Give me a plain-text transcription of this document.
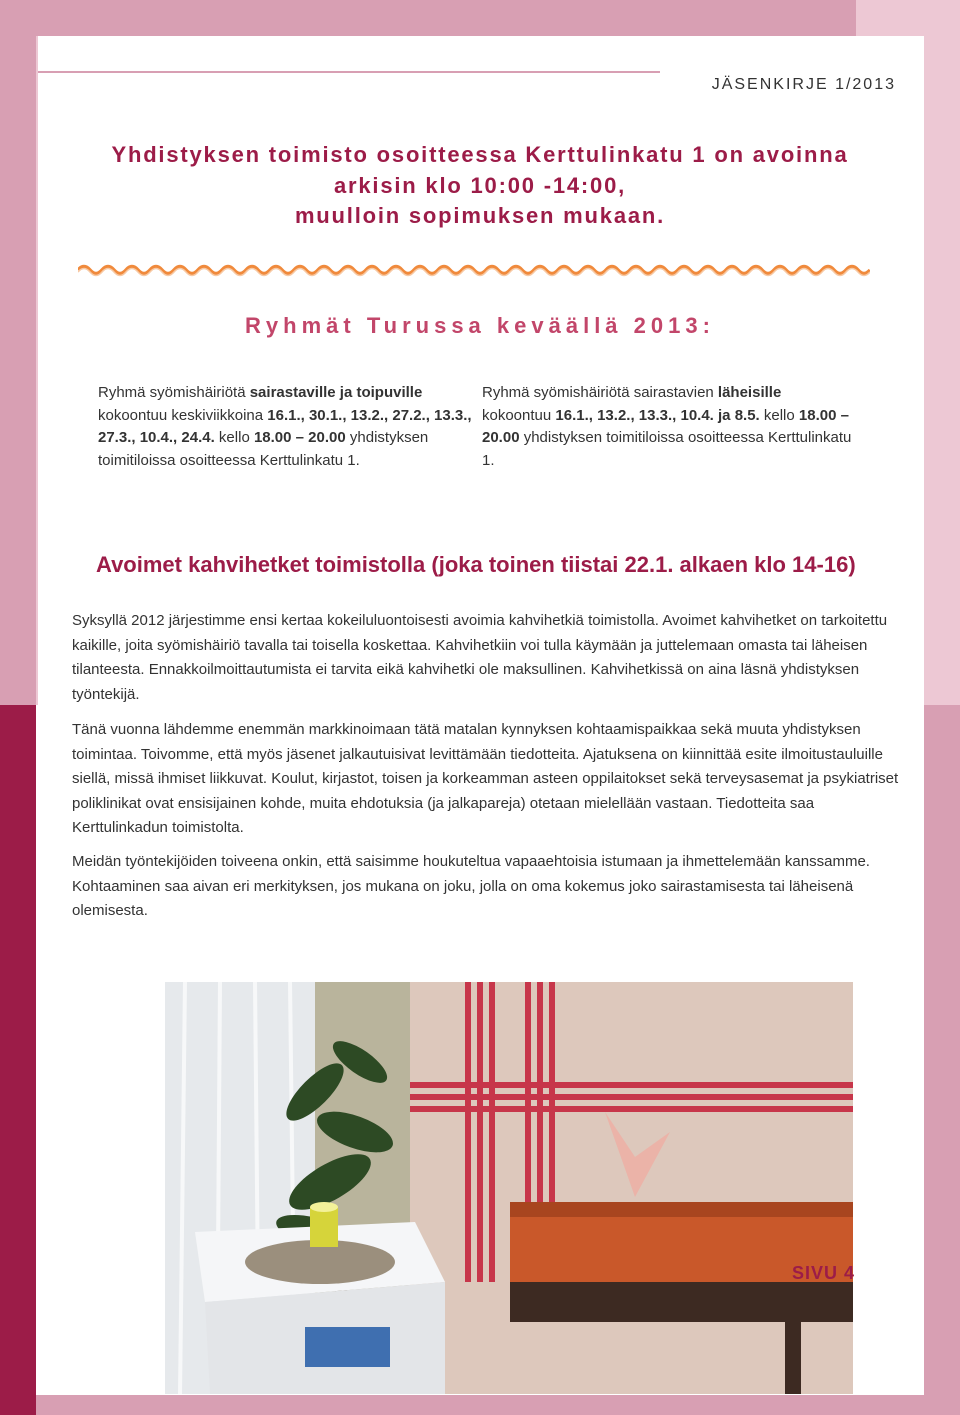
JÄSENKIRJE 1/2013
Yhdistyksen toimisto osoitteessa Kerttulinkatu 1 on avoinna
arkisin klo 10:00 -14:00,
muulloin sopimuksen mukaan.
Ryhmät Turussa keväällä 2013:
Ryhmä syömishäiriötä sairastaville ja toipuville kokoontuu keskiviikkoina 16.1., 30.1., 13.2., 27.2., 13.3., 27.3., 10.4., 24.4. kello 18.00 – 20.00 yhdistyksen toimitiloissa osoitteessa Kerttulinkatu 1.
Ryhmä syömishäiriötä sairastavien läheisille kokoontuu 16.1., 13.2., 13.3., 10.4. ja 8.5. kello 18.00 – 20.00 yhdistyksen toimitiloissa osoitteessa Kerttulinkatu 1.
Avoimet kahvihetket toimistolla (joka toinen tiistai 22.1. alkaen klo 14-16)
Syksyllä 2012 järjestimme ensi kertaa kokeiluluontoisesti avoimia kahvihetkiä toimistolla. Avoimet kahvihetket on tarkoitettu kaikille, joita syömishäiriö tavalla tai toisella koskettaa. Kahvihetkiin voi tulla käymään ja juttelemaan omasta tai läheisen tilanteesta. Ennakkoilmoittautumista ei tarvita eikä kahvihetki ole maksullinen. Kahvihetkissä on aina läsnä yhdistyksen työntekijä.
Tänä vuonna lähdemme enemmän markkinoimaan tätä matalan kynnyksen kohtaamispaikkaa sekä muuta yhdistyksen toimintaa. Toivomme, että myös jäsenet jalkautuisivat levittämään tiedotteita. Ajatuksena on kiinnittää esite ilmoitustauluille siellä, missä ihmiset liikkuvat. Koulut, kirjastot, toisen ja korkeamman asteen oppilaitokset sekä terveysasemat ja psykiatriset poliklinikat ovat ensisijainen kohde, muita ehdotuksia (ja jalkapareja) otetaan mielellään vastaan. Tiedotteita saa Kerttulinkadun toimistolta.
Meidän työntekijöiden toiveena onkin, että saisimme houkuteltua vapaaehtoisia istumaan ja ihmettelemään kanssamme. Kohtaaminen saa aivan eri merkityksen, jos mukana on joku, jolla on oma kokemus joko sairastamisesta tai läheisenä olemisesta.
SIVU 4
